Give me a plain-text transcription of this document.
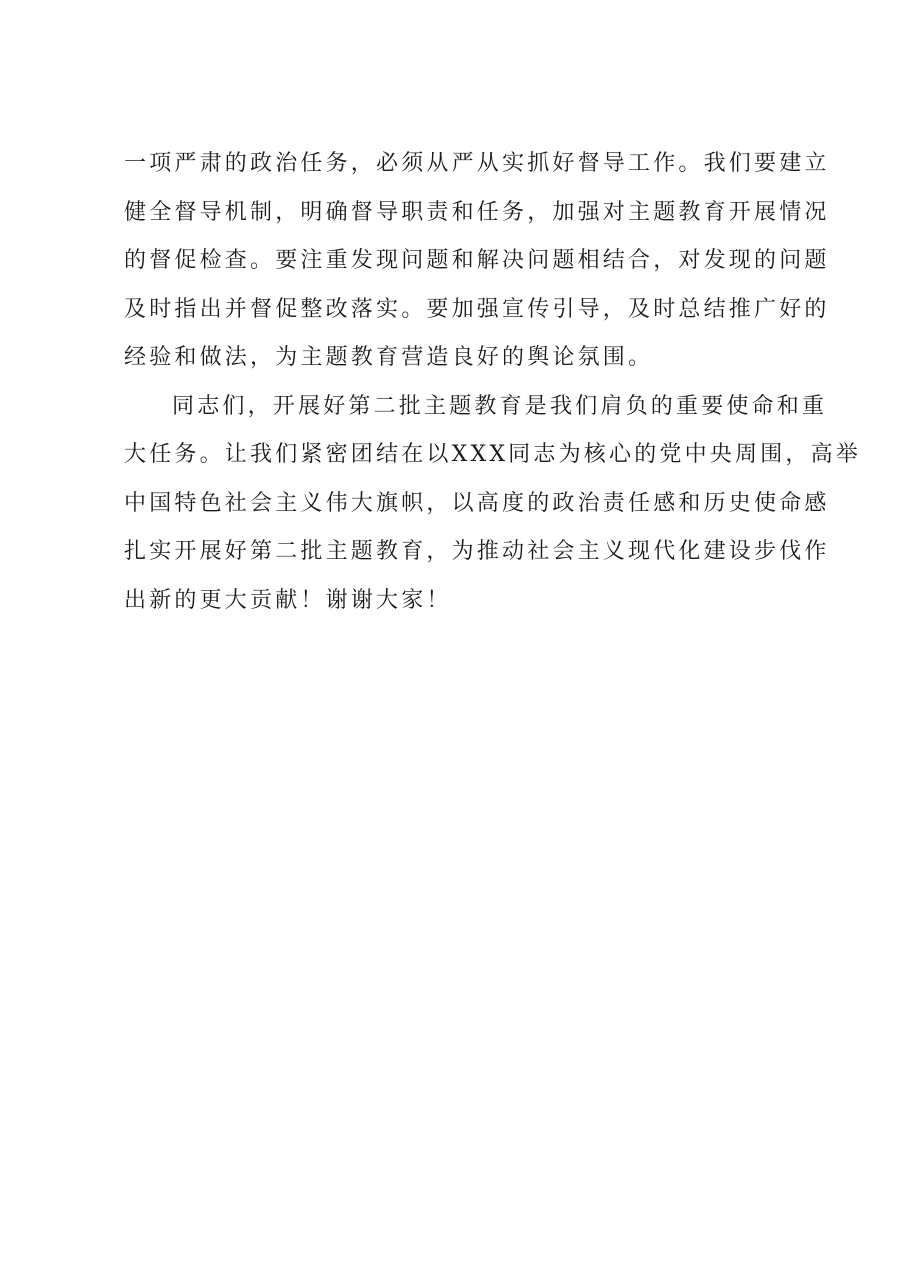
一项严肃的政治任务，必须从严从实抓好督导工作。我们要建立
健全督导机制，明确督导职责和任务，加强对主题教育开展情况
的督促检查。要注重发现问题和解决问题相结合，对发现的问题
及时指出并督促整改落实。要加强宣传引导，及时总结推广好的
经验和做法，为主题教育营造良好的舆论氛围。
同志们，开展好第二批主题教育是我们肩负的重要使命和重
大任务。让我们紧密团结在以XXX同志为核心的党中央周围，高举
中国特色社会主义伟大旗帜，以高度的政治责任感和历史使命感
扎实开展好第二批主题教育，为推动社会主义现代化建设步伐作
出新的更大贡献！谢谢大家！
